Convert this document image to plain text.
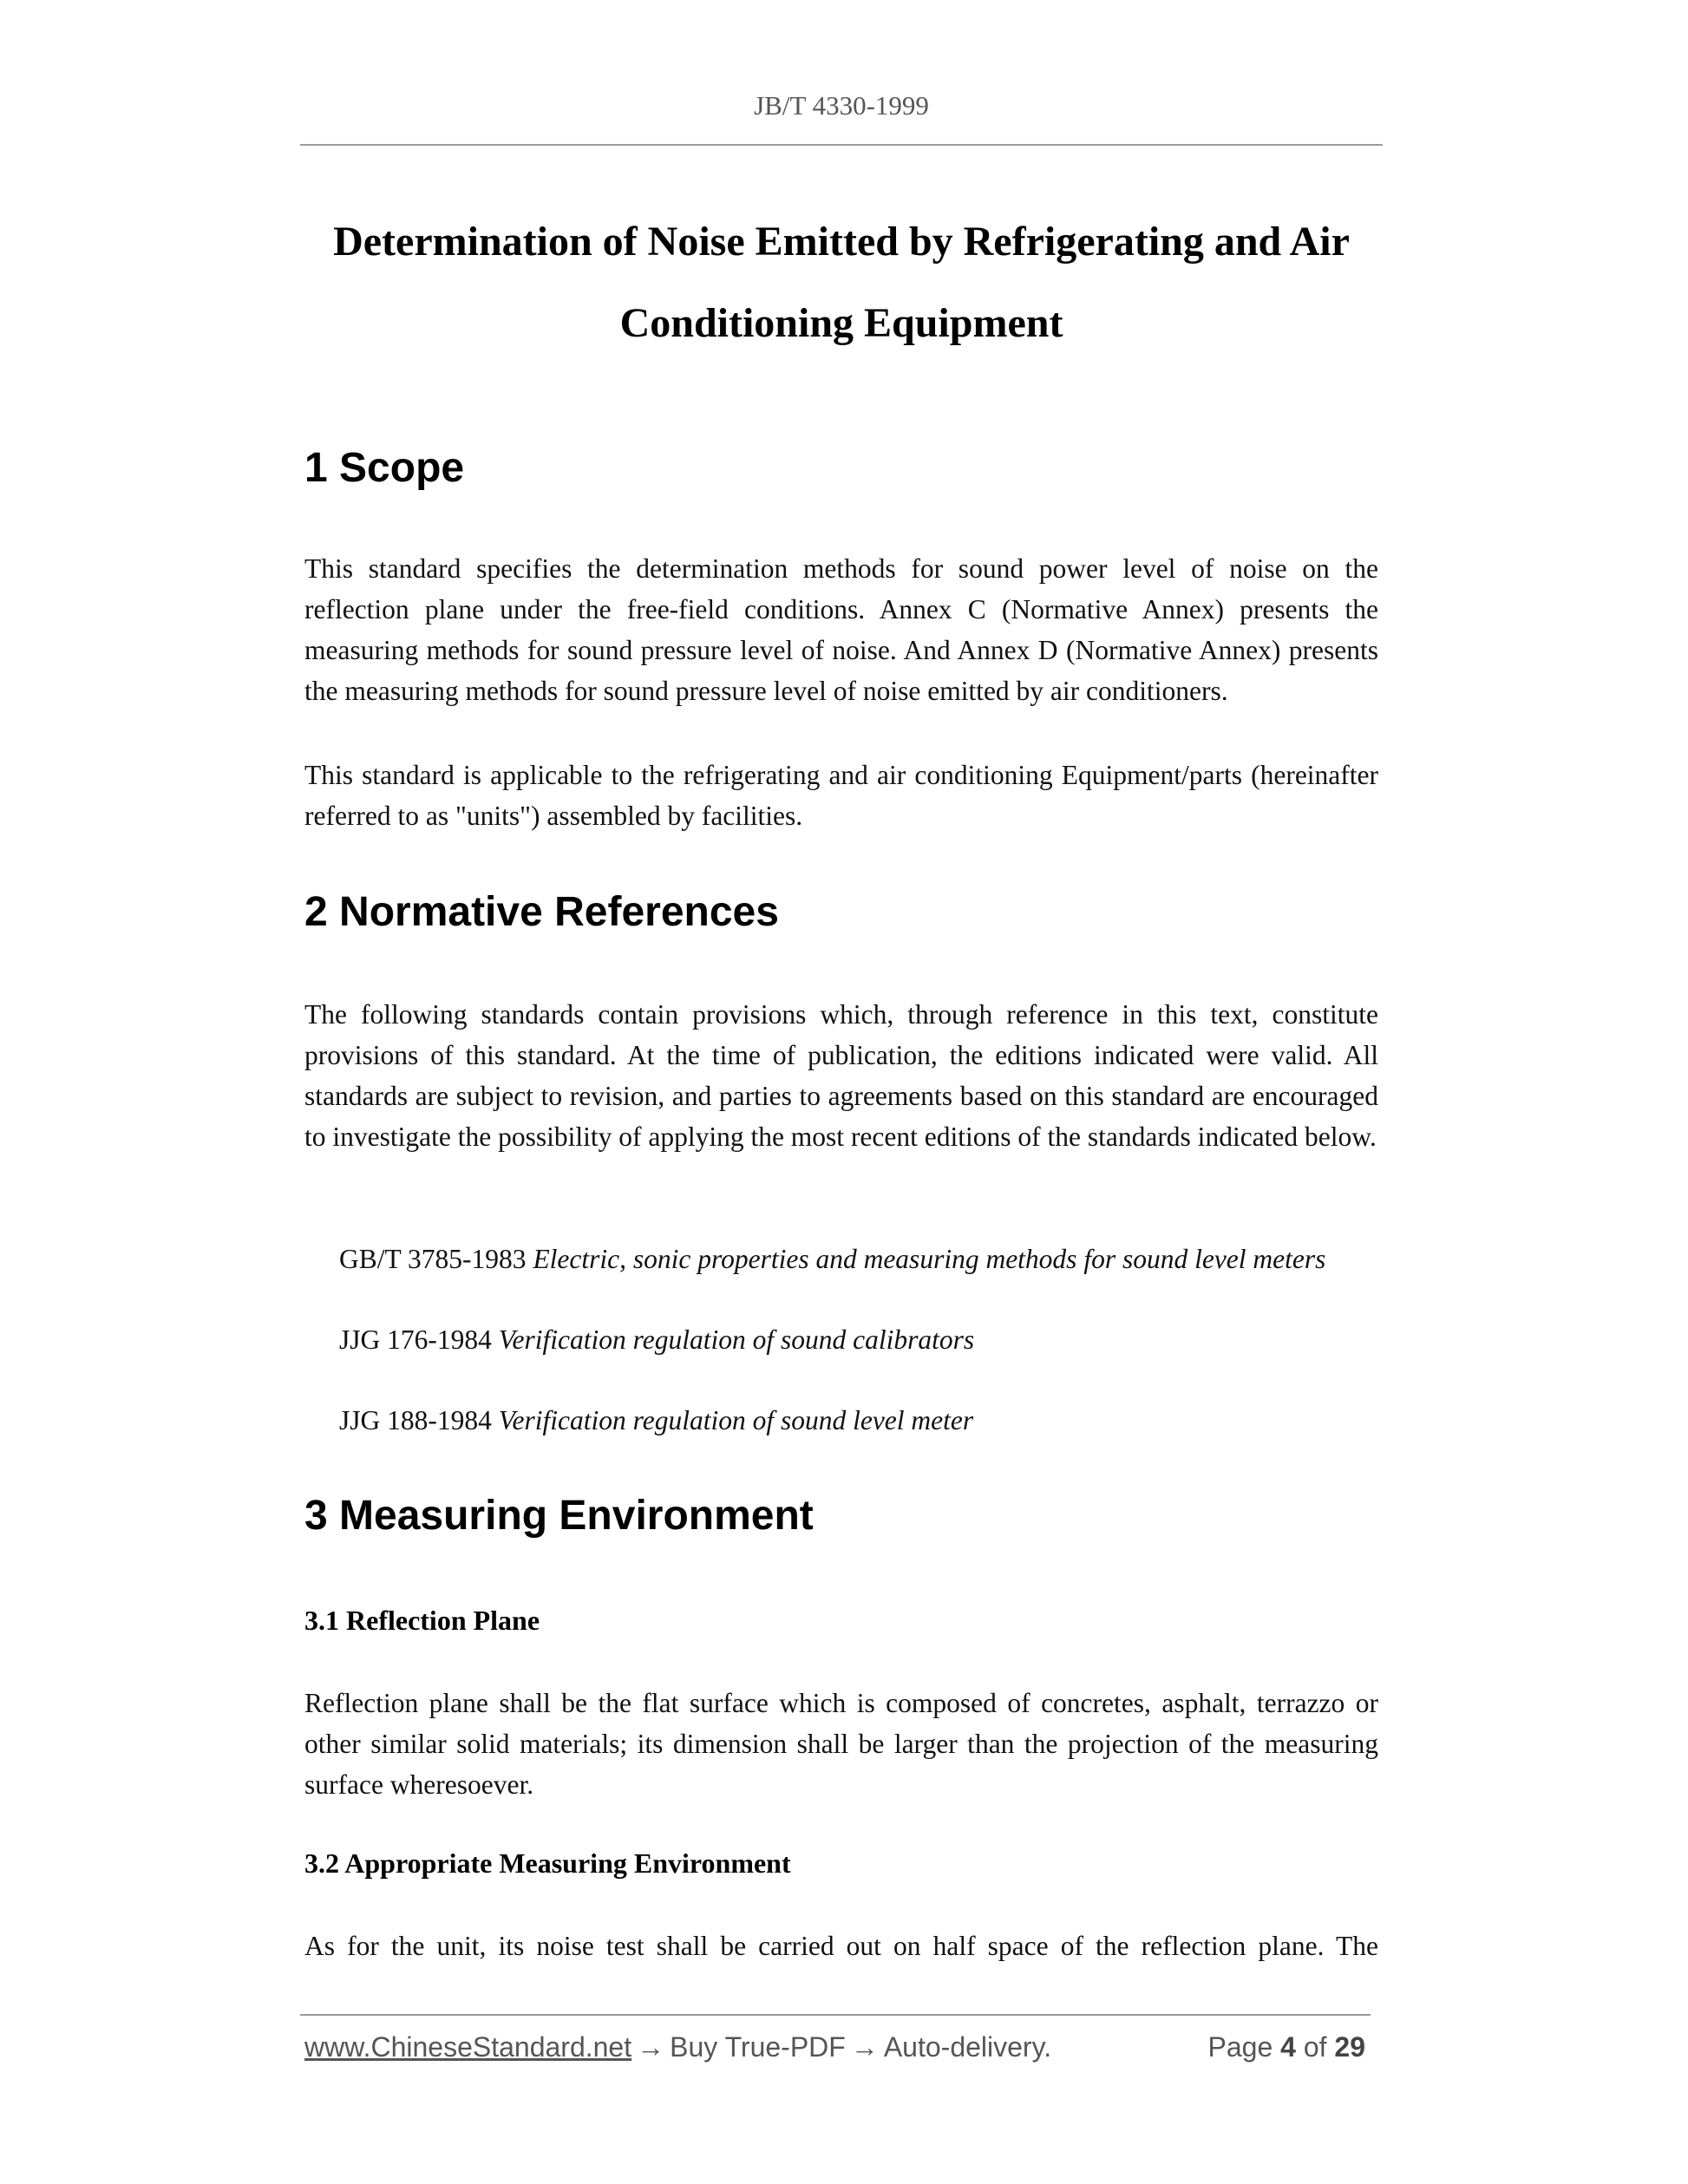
JB/T 4330-1999
Determination of Noise Emitted by Refrigerating and Air
Conditioning Equipment
1 Scope

This standard specifies the determination methods for sound power level of noise on the reflection plane under the free-field conditions. Annex C (Normative Annex) presents the measuring methods for sound pressure level of noise. And Annex D (Normative Annex) presents the measuring methods for sound pressure level of noise emitted by air conditioners.

This standard is applicable to the refrigerating and air conditioning Equipment/parts (hereinafter referred to as "units") assembled by facilities.

2 Normative References

The following standards contain provisions which, through reference in this text, constitute provisions of this standard. At the time of publication, the editions indicated were valid. All standards are subject to revision, and parties to agreements based on this standard are encouraged to investigate the possibility of applying the most recent editions of the standards indicated below.

GB/T 3785-1983 Electric, sonic properties and measuring methods for sound level meters
JJG 176-1984 Verification regulation of sound calibrators
JJG 188-1984 Verification regulation of sound level meter
3 Measuring Environment
3.1 Reflection Plane

Reflection plane shall be the flat surface which is composed of concretes, asphalt, terrazzo or other similar solid materials; its dimension shall be larger than the projection of the measuring surface wheresoever.

3.2 Appropriate Measuring Environment

As for the unit, its noise test shall be carried out on half space of the reflection plane. The

www.ChineseStandard.net → Buy True-PDF → Auto-delivery.	Page 4 of 29
